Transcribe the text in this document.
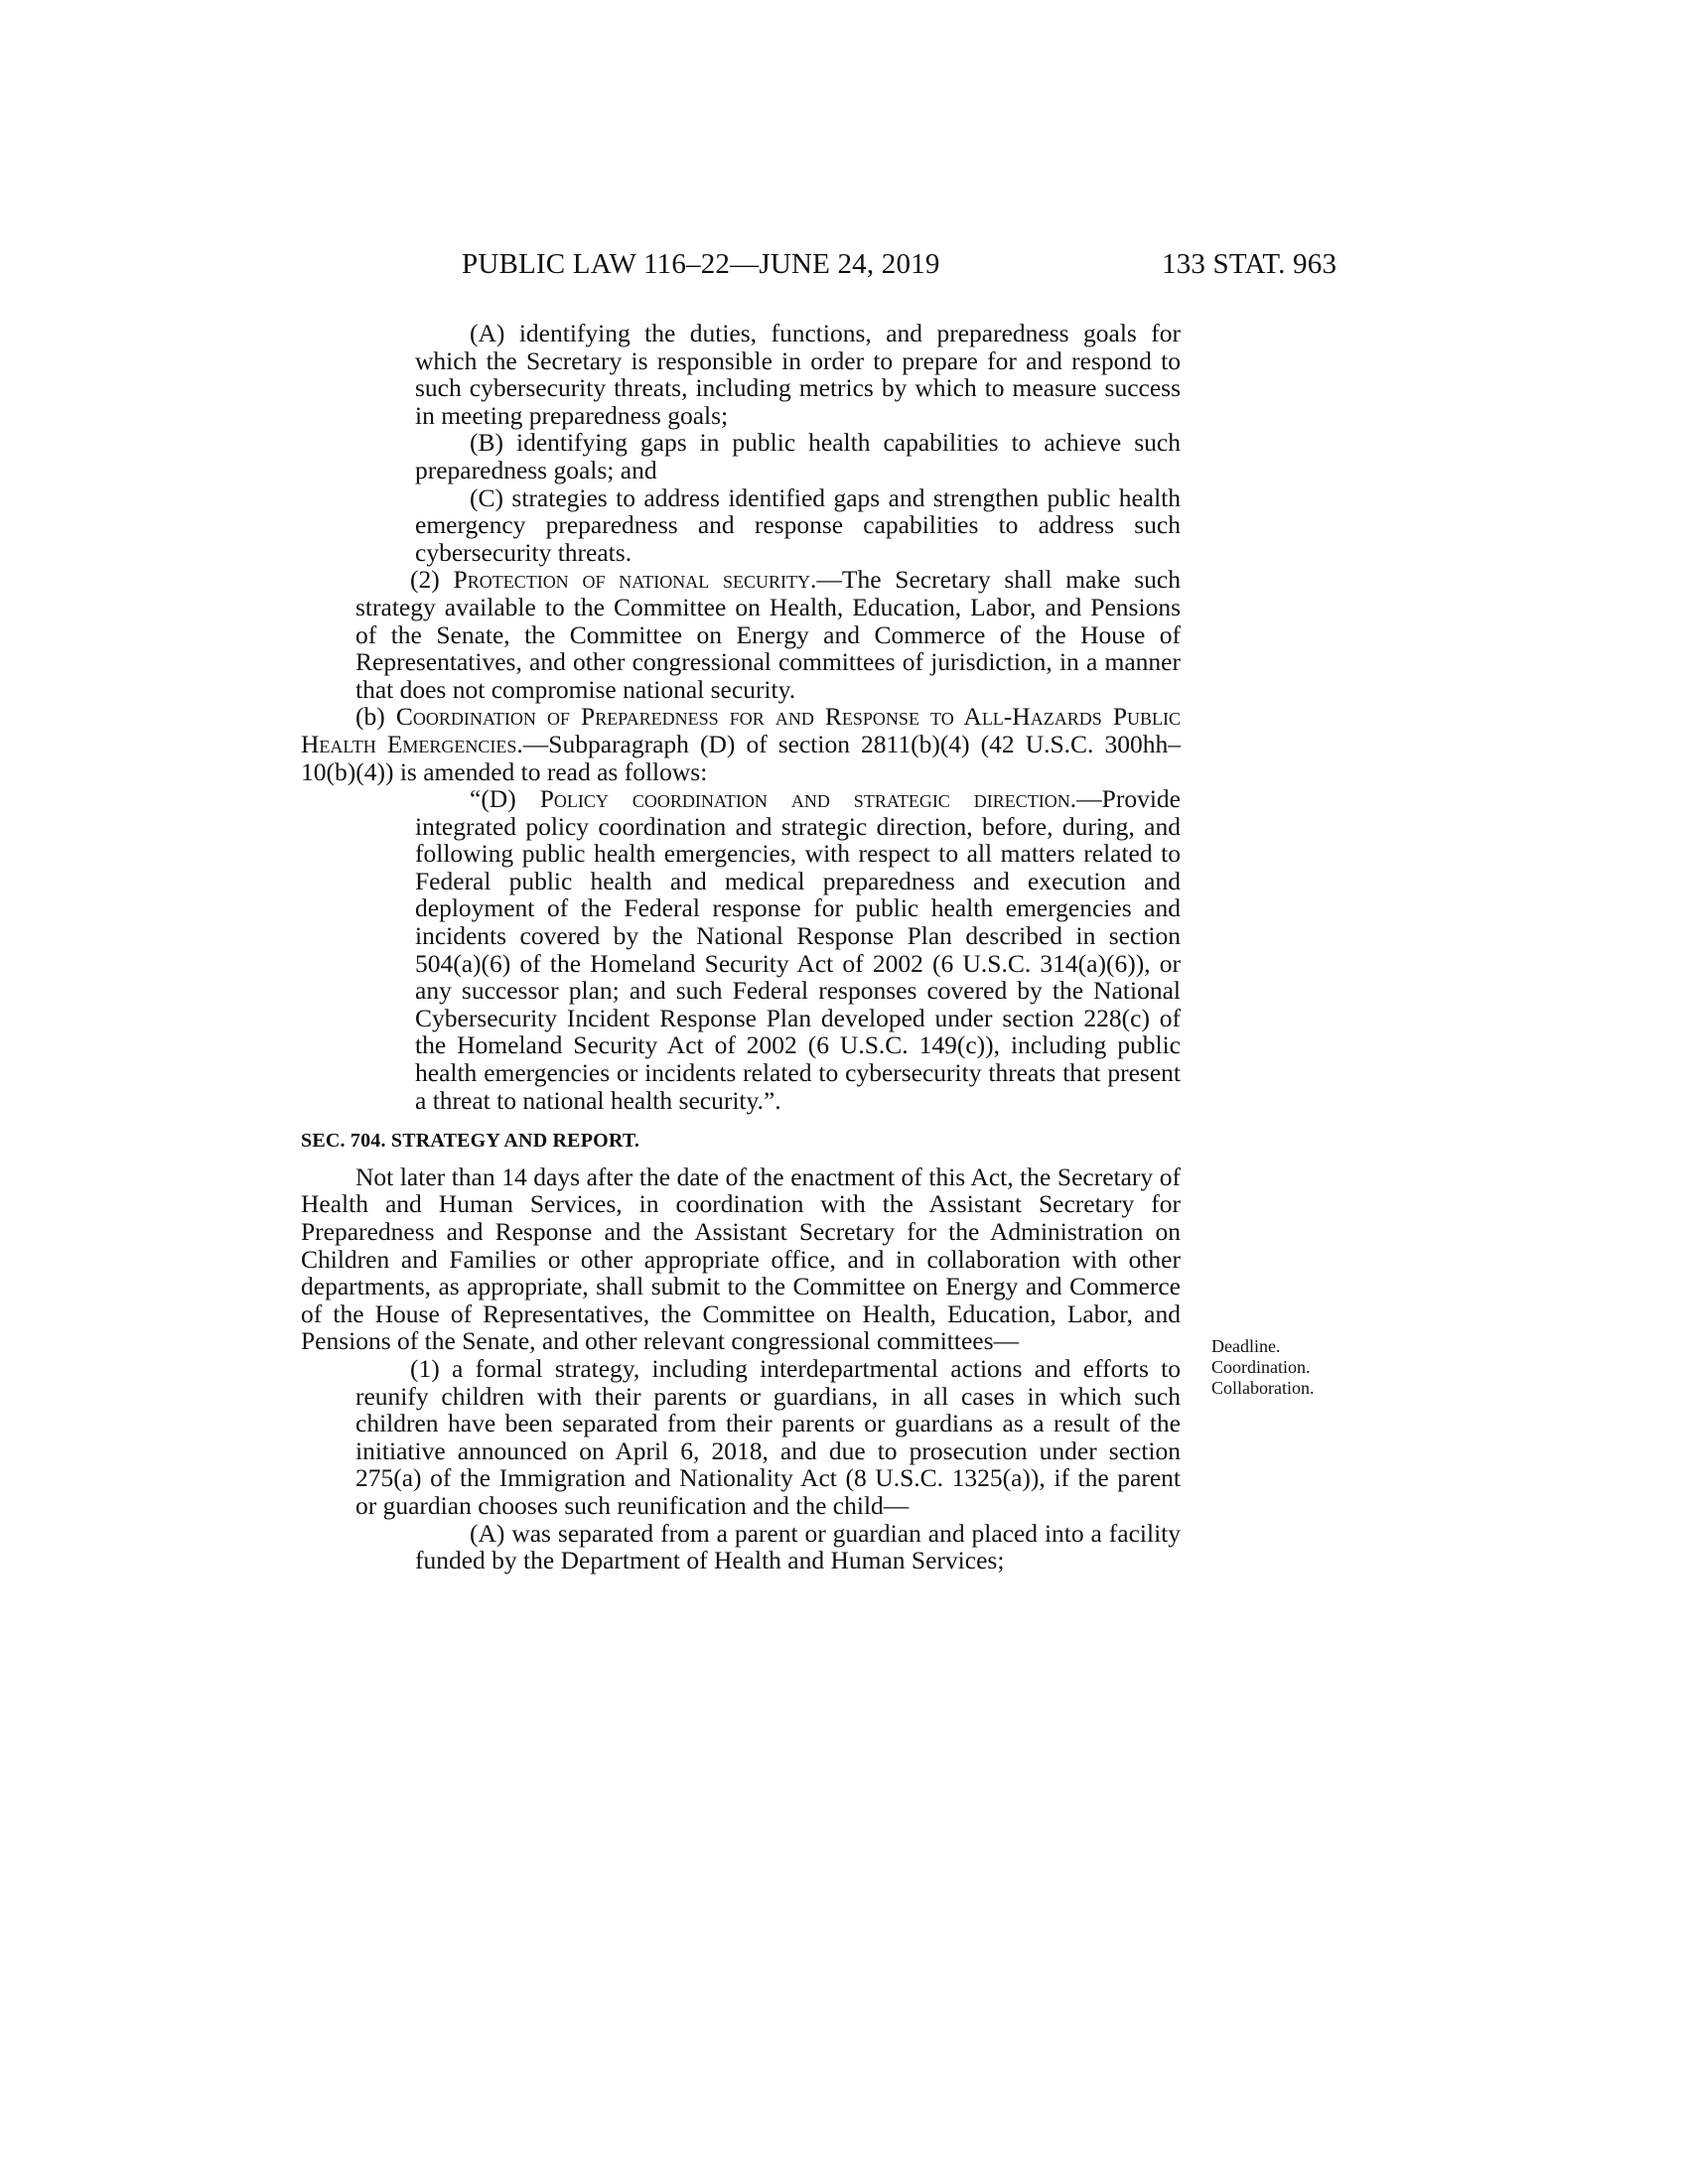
PUBLIC LAW 116–22—JUNE 24, 2019	133 STAT. 963

(A) identifying the duties, functions, and preparedness goals for which the Secretary is responsible in order to prepare for and respond to such cybersecurity threats, including metrics by which to measure success in meeting preparedness goals;

(B) identifying gaps in public health capabilities to achieve such preparedness goals; and

(C) strategies to address identified gaps and strengthen public health emergency preparedness and response capabilities to address such cybersecurity threats.

(2) Protection of national security.—The Secretary shall make such strategy available to the Committee on Health, Education, Labor, and Pensions of the Senate, the Committee on Energy and Commerce of the House of Representatives, and other congressional committees of jurisdiction, in a manner that does not compromise national security.

(b) Coordination of Preparedness for and Response to All-Hazards Public Health Emergencies.—Subparagraph (D) of section 2811(b)(4) (42 U.S.C. 300hh–10(b)(4)) is amended to read as follows:

“(D) Policy coordination and strategic direction.—Provide integrated policy coordination and strategic direction, before, during, and following public health emergencies, with respect to all matters related to Federal public health and medical preparedness and execution and deployment of the Federal response for public health emergencies and incidents covered by the National Response Plan described in section 504(a)(6) of the Homeland Security Act of 2002 (6 U.S.C. 314(a)(6)), or any successor plan; and such Federal responses covered by the National Cybersecurity Incident Response Plan developed under section 228(c) of the Homeland Security Act of 2002 (6 U.S.C. 149(c)), including public health emergencies or incidents related to cybersecurity threats that present a threat to national health security.”.

SEC. 704. STRATEGY AND REPORT.

Not later than 14 days after the date of the enactment of this Act, the Secretary of Health and Human Services, in coordination with the Assistant Secretary for Preparedness and Response and the Assistant Secretary for the Administration on Children and Families or other appropriate office, and in collaboration with other departments, as appropriate, shall submit to the Committee on Energy and Commerce of the House of Representatives, the Committee on Health, Education, Labor, and Pensions of the Senate, and other relevant congressional committees—

(1) a formal strategy, including interdepartmental actions and efforts to reunify children with their parents or guardians, in all cases in which such children have been separated from their parents or guardians as a result of the initiative announced on April 6, 2018, and due to prosecution under section 275(a) of the Immigration and Nationality Act (8 U.S.C. 1325(a)), if the parent or guardian chooses such reunification and the child—

(A) was separated from a parent or guardian and placed into a facility funded by the Department of Health and Human Services;

Deadline.
Coordination.
Collaboration.
